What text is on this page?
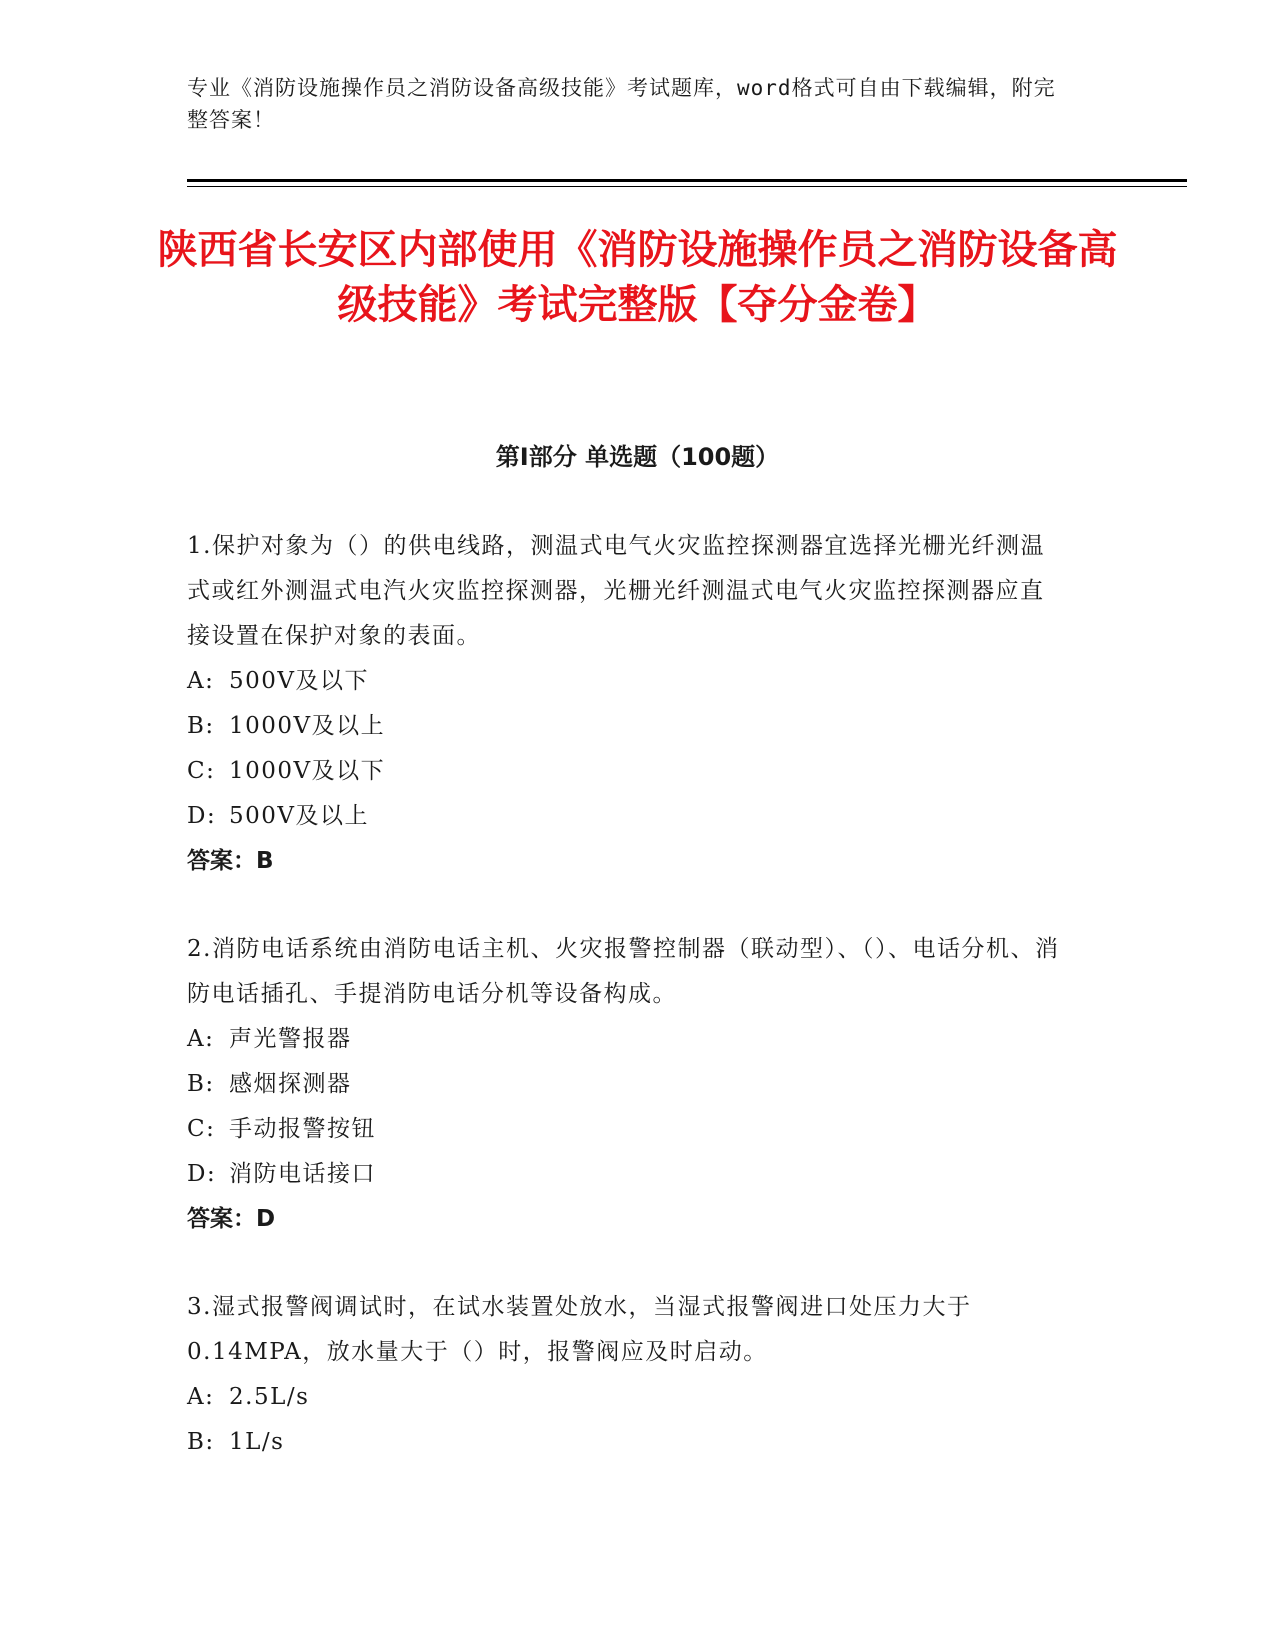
专业《消防设施操作员之消防设备高级技能》考试题库，word格式可自由下载编辑，附完整答案！

陕西省长安区内部使用《消防设施操作员之消防设备高级技能》考试完整版【夺分金卷】
第Ⅰ部分 单选题（100题）

1.保护对象为（）的供电线路，测温式电气火灾监控探测器宜选择光栅光纤测温式或红外测温式电汽火灾监控探测器，光栅光纤测温式电气火灾监控探测器应直接设置在保护对象的表面。

A: 500V及以下

B: 1000V及以上

C: 1000V及以下

D: 500V及以上

答案：B

2.消防电话系统由消防电话主机、火灾报警控制器（联动型）、（）、电话分机、消防电话插孔、手提消防电话分机等设备构成。

A: 声光警报器

B: 感烟探测器

C: 手动报警按钮

D: 消防电话接口

答案：D

3.湿式报警阀调试时，在试水装置处放水，当湿式报警阀进口处压力大于0.14MPA，放水量大于（）时，报警阀应及时启动。

A: 2.5L/s

B: 1L/s
